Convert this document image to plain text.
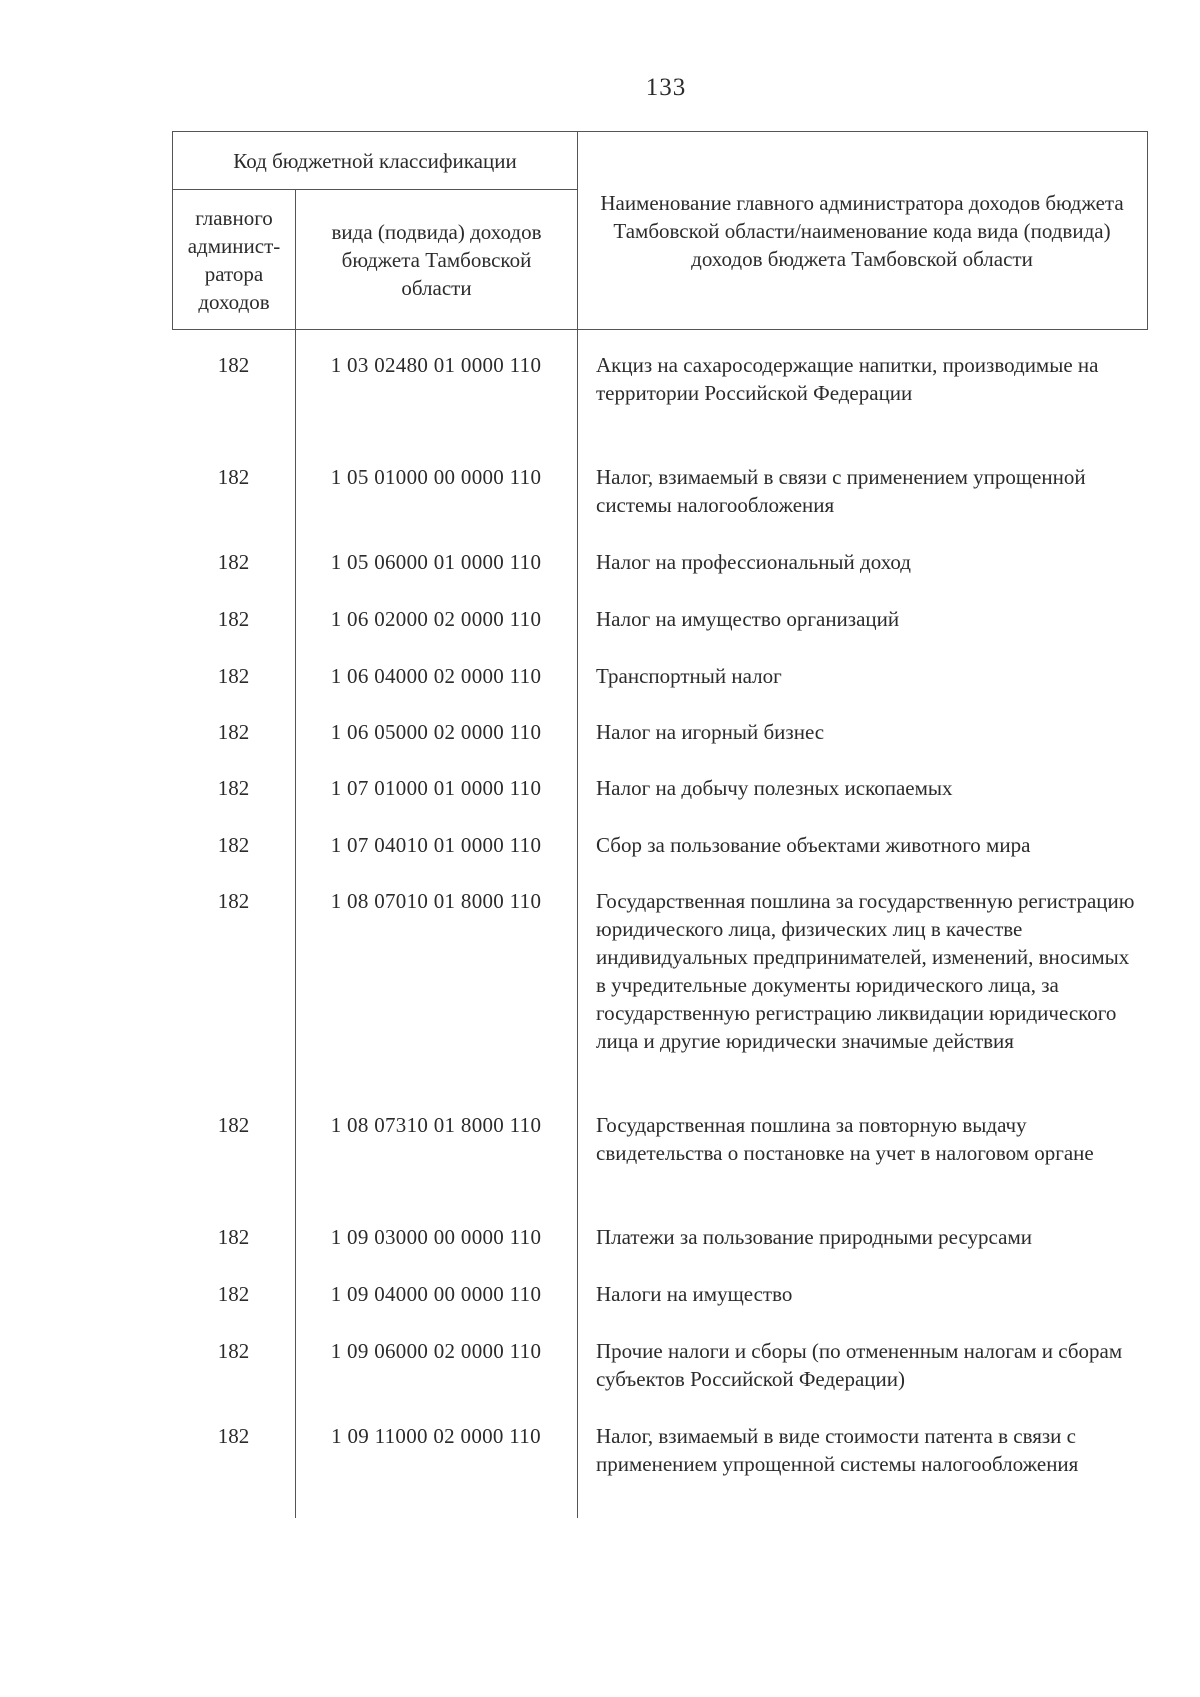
133
Код бюджетной классификации
главного админист-ратора доходов
вида (подвида) доходов бюджета Тамбовской области
Наименование главного администратора доходов бюджета Тамбовской области/наименование кода вида (подвида) доходов бюджета Тамбовской области
182	1 03 02480 01 0000 110	Акциз на сахаросодержащие напитки, производимые на территории Российской Федерации
182	1 05 01000 00 0000 110	Налог, взимаемый в связи с применением упрощенной системы налогообложения
182	1 05 06000 01 0000 110	Налог на профессиональный доход
182	1 06 02000 02 0000 110	Налог на имущество организаций
182	1 06 04000 02 0000 110	Транспортный налог
182	1 06 05000 02 0000 110	Налог на игорный бизнес
182	1 07 01000 01 0000 110	Налог на добычу полезных ископаемых
182	1 07 04010 01 0000 110	Сбор за пользование объектами животного мира
182	1 08 07010 01 8000 110	Государственная пошлина за государственную регистрацию юридического лица, физических лиц в качестве индивидуальных предпринимателей, изменений, вносимых в учредительные документы юридического лица, за государственную регистрацию ликвидации юридического лица и другие юридически значимые действия
182	1 08 07310 01 8000 110	Государственная пошлина за повторную выдачу свидетельства о постановке на учет в налоговом органе
182	1 09 03000 00 0000 110	Платежи за пользование природными ресурсами
182	1 09 04000 00 0000 110	Налоги на имущество
182	1 09 06000 02 0000 110	Прочие налоги и сборы (по отмененным налогам и сборам субъектов Российской Федерации)
182	1 09 11000 02 0000 110	Налог, взимаемый в виде стоимости патента в связи с применением упрощенной системы налогообложения
